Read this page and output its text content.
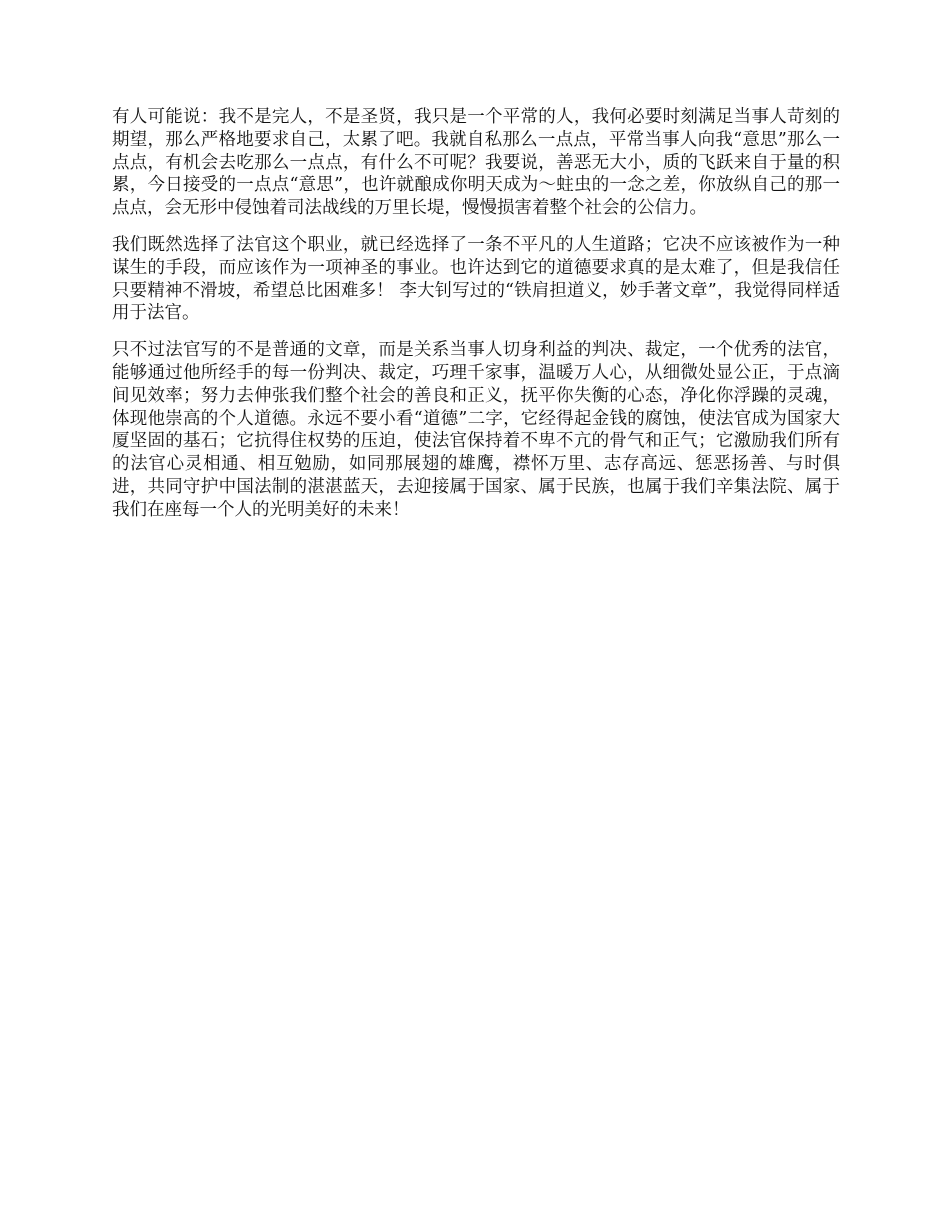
有人可能说：我不是完人，不是圣贤，我只是一个平常的人，我何必要时刻满足当事人苛刻的期望，那么严格地要求自己，太累了吧。我就自私那么一点点，平常当事人向我“意思”那么一点点，有机会去吃那么一点点，有什么不可呢？我要说，善恶无大小，质的飞跃来自于量的积累，今日接受的一点点“意思”，也许就酿成你明天成为～蛀虫的一念之差，你放纵自己的那一点点，会无形中侵蚀着司法战线的万里长堤，慢慢损害着整个社会的公信力。

我们既然选择了法官这个职业，就已经选择了一条不平凡的人生道路；它决不应该被作为一种谋生的手段，而应该作为一项神圣的事业。也许达到它的道德要求真的是太难了，但是我信任只要精神不滑坡，希望总比困难多！ 李大钊写过的“铁肩担道义，妙手著文章”，我觉得同样适用于法官。

只不过法官写的不是普通的文章，而是关系当事人切身利益的判决、裁定，一个优秀的法官，能够通过他所经手的每一份判决、裁定，巧理千家事，温暖万人心，从细微处显公正，于点滴间见效率；努力去伸张我们整个社会的善良和正义，抚平你失衡的心态，净化你浮躁的灵魂，体现他崇高的个人道德。永远不要小看“道德”二字，它经得起金钱的腐蚀，使法官成为国家大厦坚固的基石；它抗得住权势的压迫，使法官保持着不卑不亢的骨气和正气；它激励我们所有的法官心灵相通、相互勉励，如同那展翅的雄鹰，襟怀万里、志存高远、惩恶扬善、与时俱进，共同守护中国法制的湛湛蓝天，去迎接属于国家、属于民族，也属于我们辛集法院、属于我们在座每一个人的光明美好的未来！
